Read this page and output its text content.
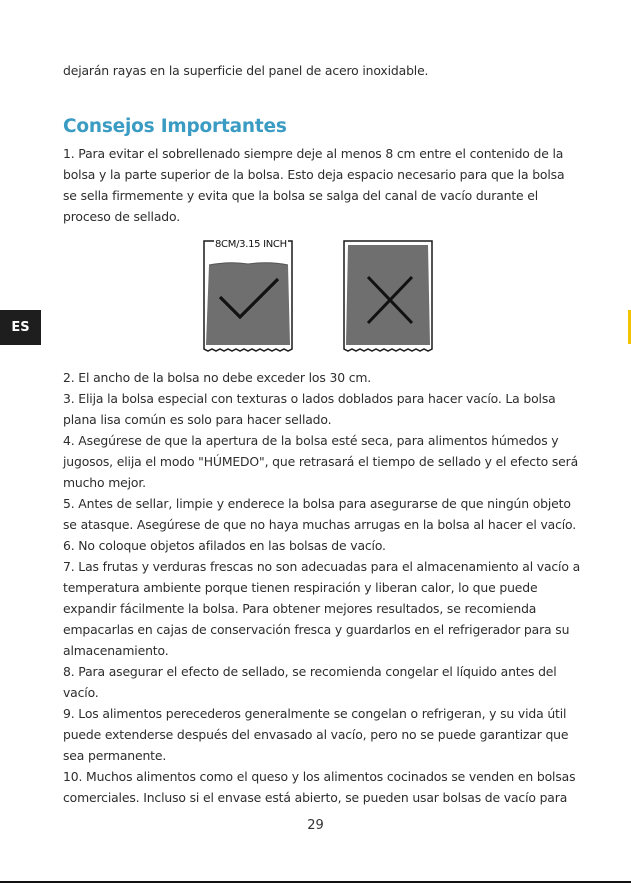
dejarán rayas en la superficie del panel de acero inoxidable.

Consejos Importantes

1. Para evitar el sobrellenado siempre deje al menos 8 cm entre el contenido de la

bolsa y la parte superior de la bolsa. Esto deja espacio necesario para que la bolsa

se sella firmemente y evita que la bolsa se salga del canal de vacío durante el

proceso de sellado.

8CM/3.15 INCH

2. El ancho de la bolsa no debe exceder los 30 cm.

3. Elija la bolsa especial con texturas o lados doblados para hacer vacío. La bolsa

plana lisa común es solo para hacer sellado.

4. Asegúrese de que la apertura de la bolsa esté seca, para alimentos húmedos y

jugosos, elija el modo "HÚMEDO", que retrasará el tiempo de sellado y el efecto será

mucho mejor.

5. Antes de sellar, limpie y enderece la bolsa para asegurarse de que ningún objeto

se atasque. Asegúrese de que no haya muchas arrugas en la bolsa al hacer el vacío.

6. No coloque objetos afilados en las bolsas de vacío.

7. Las frutas y verduras frescas no son adecuadas para el almacenamiento al vacío a

temperatura ambiente porque tienen respiración y liberan calor, lo que puede

expandir fácilmente la bolsa. Para obtener mejores resultados, se recomienda

empacarlas en cajas de conservación fresca y guardarlos en el refrigerador para su

almacenamiento.

8. Para asegurar el efecto de sellado, se recomienda congelar el líquido antes del

vacío.

9. Los alimentos perecederos generalmente se congelan o refrigeran, y su vida útil

puede extenderse después del envasado al vacío, pero no se puede garantizar que

sea permanente.

10. Muchos alimentos como el queso y los alimentos cocinados se venden en bolsas

comerciales. Incluso si el envase está abierto, se pueden usar bolsas de vacío para

ES
29
